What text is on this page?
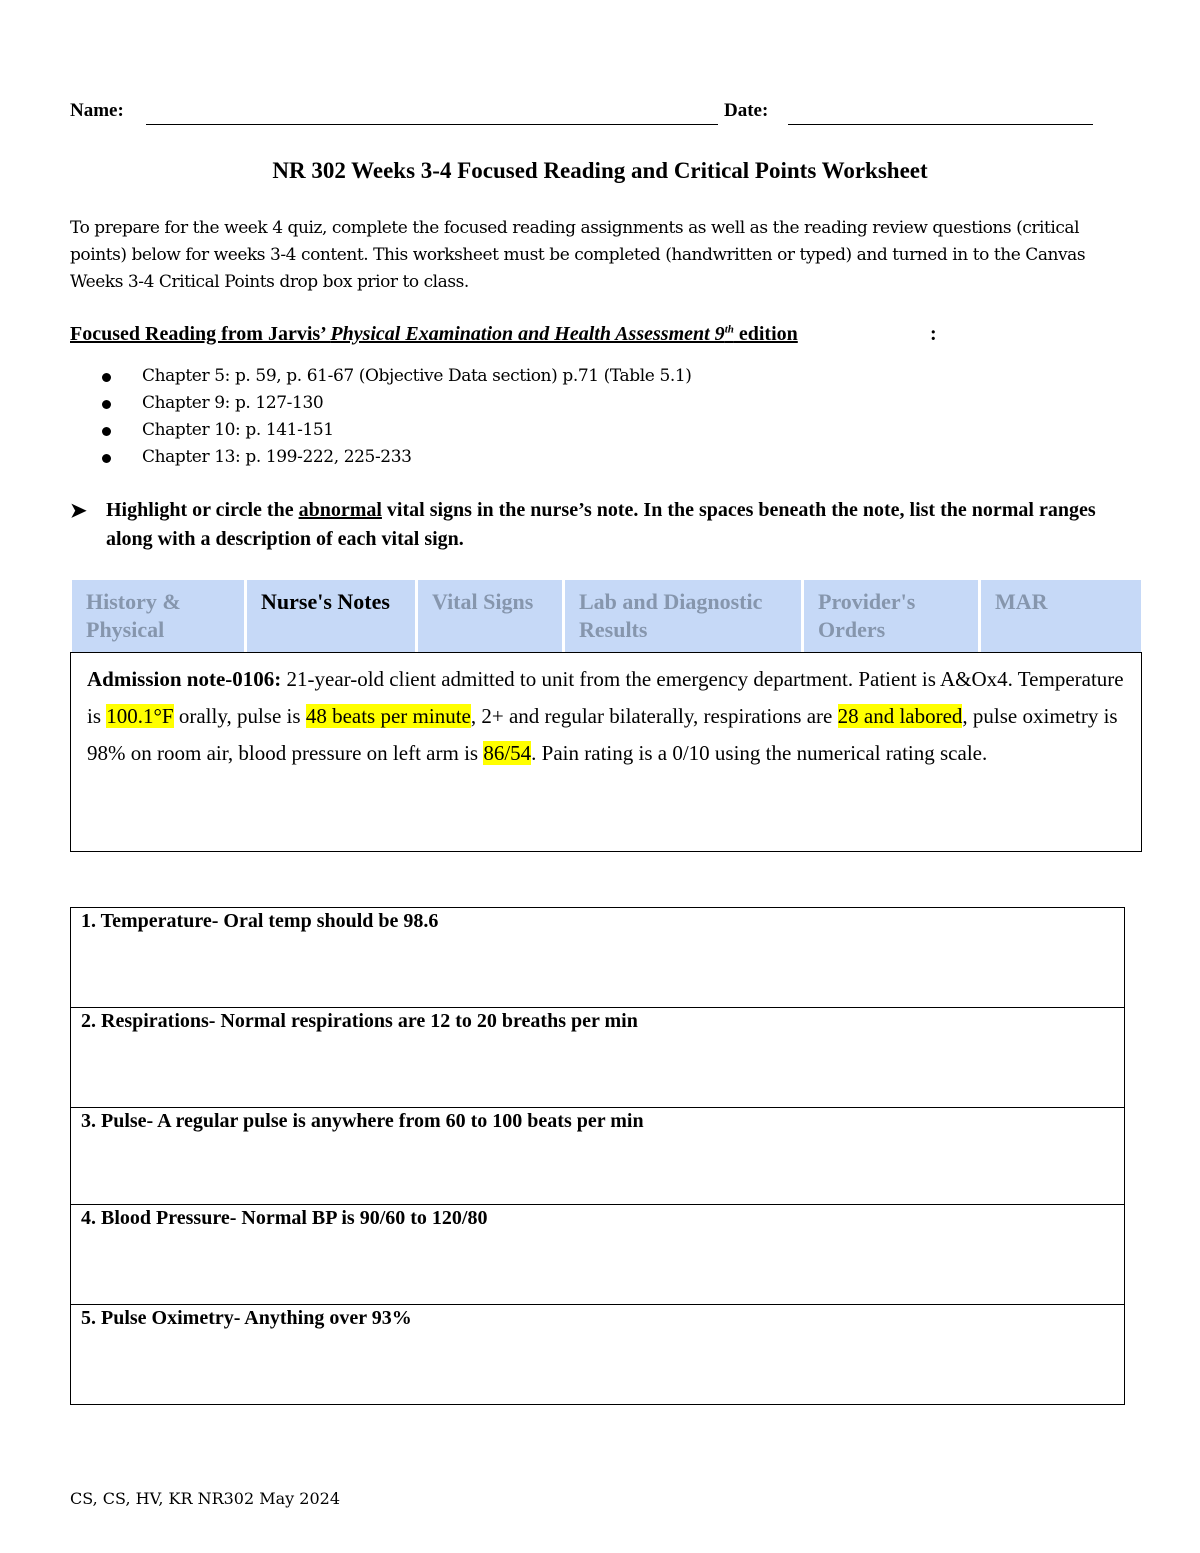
Name:	Date:
NR 302 Weeks 3-4 Focused Reading and Critical Points Worksheet
To prepare for the week 4 quiz, complete the focused reading assignments as well as the reading review questions (critical points) below for weeks 3-4 content. This worksheet must be completed (handwritten or typed) and turned in to the Canvas Weeks 3-4 Critical Points drop box prior to class.
Focused Reading from Jarvis’ Physical Examination and Health Assessment 9th edition	:
Chapter 5: p. 59, p. 61-67 (Objective Data section) p.71 (Table 5.1)
Chapter 9: p. 127-130
Chapter 10: p. 141-151
Chapter 13: p. 199-222, 225-233
➤ Highlight or circle the abnormal vital signs in the nurse’s note. In the spaces beneath the note, list the normal ranges along with a description of each vital sign.
History & Physical
Nurse's Notes	Vital Signs	Lab and Diagnostic Results
Provider's Orders
MAR
Admission note-0106: 21-year-old client admitted to unit from the emergency department. Patient is A&Ox4. Temperature is 100.1°F orally, pulse is 48 beats per minute, 2+ and regular bilaterally, respirations are 28 and labored, pulse oximetry is 98% on room air, blood pressure on left arm is 86/54. Pain rating is a 0/10 using the numerical rating scale.
1. Temperature- Oral temp should be 98.6
2. Respirations- Normal respirations are 12 to 20 breaths per min
3. Pulse- A regular pulse is anywhere from 60 to 100 beats per min
4. Blood Pressure- Normal BP is 90/60 to 120/80
5. Pulse Oximetry- Anything over 93%
CS, CS, HV, KR NR302 May 2024
